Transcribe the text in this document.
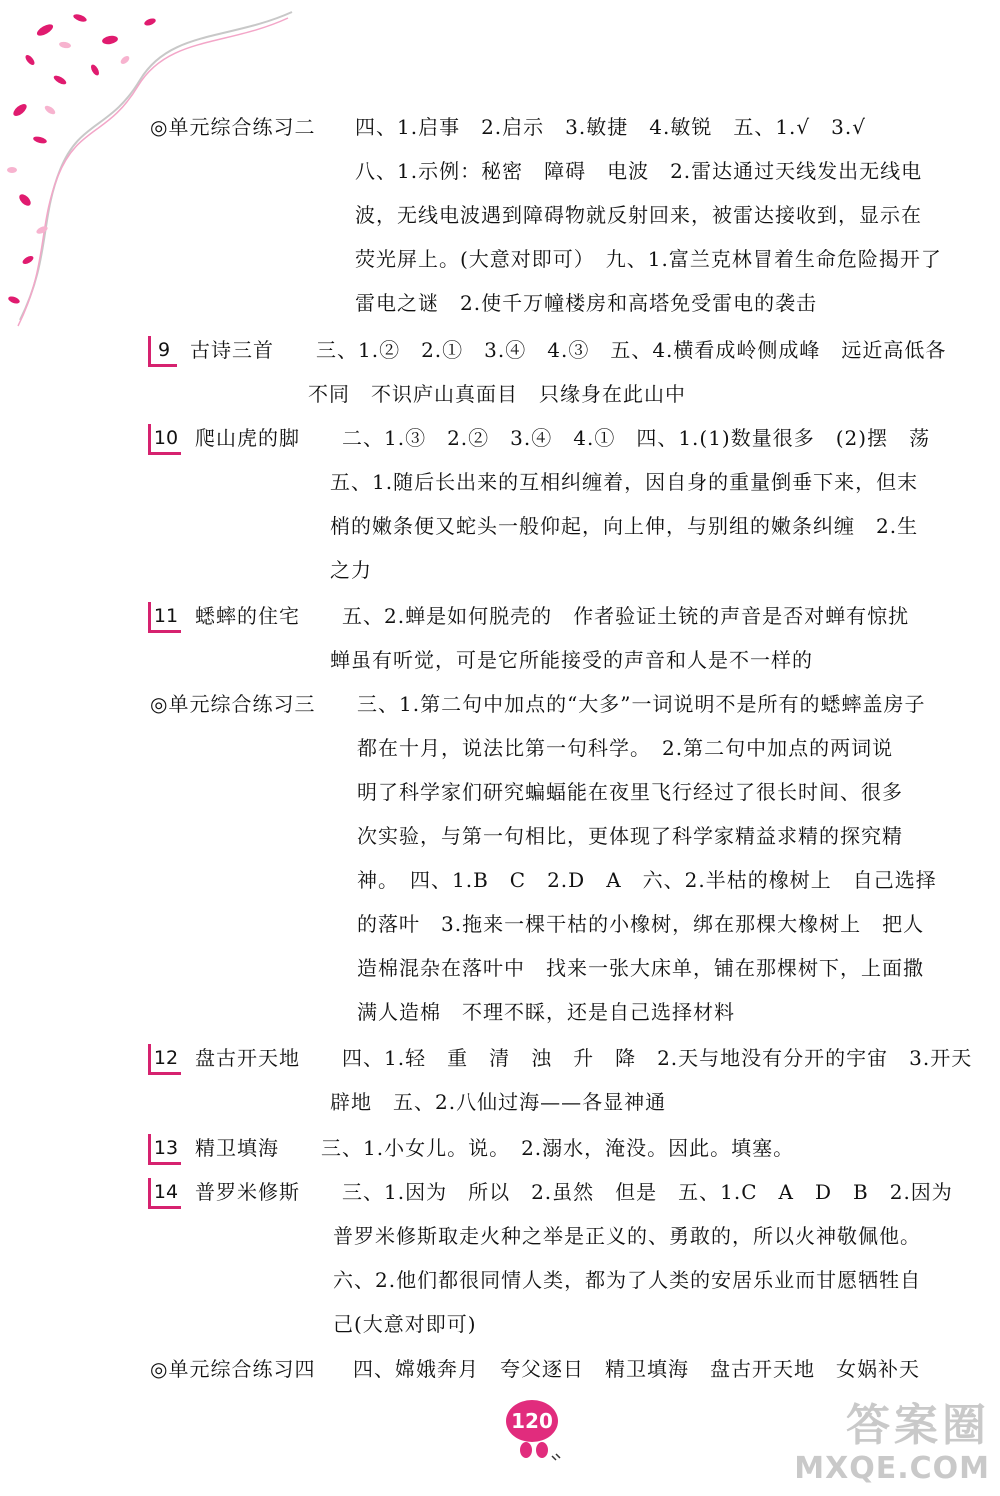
◎单元综合练习二 四、1.启事　2.启示　3.敏捷　4.敏锐　五、1.√　3.√
八、1.示例：秘密　障碍　电波　2.雷达通过天线发出无线电
波，无线电波遇到障碍物就反射回来，被雷达接收到，显示在
荧光屏上。(大意对即可）　九、1.富兰克林冒着生命危险揭开了
雷电之谜　2.使千万幢楼房和高塔免受雷电的袭击
9 古诗三首　　三、1.②　2.①　3.④　4.③　五、4.横看成岭侧成峰　远近高低各
不同　不识庐山真面目　只缘身在此山中
10 爬山虎的脚　　二、1.③　2.②　3.④　4.①　四、1.(1)数量很多　(2)摆　荡
五、1.随后长出来的互相纠缠着，因自身的重量倒垂下来，但末
梢的嫩条便又蛇头一般仰起，向上伸，与别组的嫩条纠缠　2.生
之力
11 蟋蟀的住宅　　五、2.蝉是如何脱壳的　作者验证土铳的声音是否对蝉有惊扰
蝉虽有听觉，可是它所能接受的声音和人是不一样的
◎单元综合练习三 三、1.第二句中加点的“大多”一词说明不是所有的蟋蟀盖房子
都在十月，说法比第一句科学。　2.第二句中加点的两词说
明了科学家们研究蝙蝠能在夜里飞行经过了很长时间、很多
次实验，与第一句相比，更体现了科学家精益求精的探究精
神。　四、1.B　C　2.D　A　六、2.半枯的橡树上　自己选择
的落叶　3.拖来一棵干枯的小橡树，绑在那棵大橡树上　把人
造棉混杂在落叶中　找来一张大床单，铺在那棵树下，上面撒
满人造棉　不理不睬，还是自己选择材料
12 盘古开天地　　四、1.轻　重　清　浊　升　降　2.天与地没有分开的宇宙　3.开天
辟地　五、2.八仙过海——各显神通
13 精卫填海　　三、1.小女儿。说。　2.溺水，淹没。因此。填塞。
14 普罗米修斯　　三、1.因为　所以　2.虽然　但是　五、1.C　A　D　B　2.因为
普罗米修斯取走火种之举是正义的、勇敢的，所以火神敬佩他。
六、2.他们都很同情人类，都为了人类的安居乐业而甘愿牺牲自
己(大意对即可)
◎单元综合练习四 四、嫦娥奔月　夸父逐日　精卫填海　盘古开天地　女娲补天
120	答案圈
MXQE.COM
